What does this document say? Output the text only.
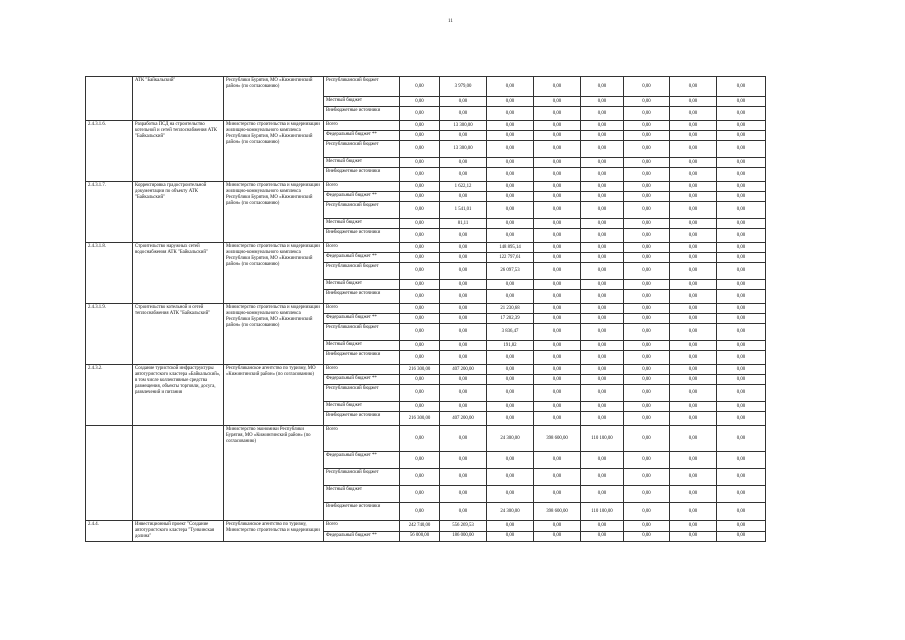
11
	АТК "Байкальский"	Республики Бурятия, МО «Кижингинский район» (по согласованию)	Республиканский бюджет	0,00	3 979,00	0,00	0,00	0,00	0,00	0,00	0,00
			Местный бюджет	0,00	0,00	0,00	0,00	0,00	0,00	0,00	0,00
			Внебюджетные источники	0,00	0,00	0,00	0,00	0,00	0,00	0,00	0,00
2.4.3.1.6.	Разработка ПСД на строительство котельной и сетей теплоснабжения АТК "Байкальский"	Министерство строительства и модернизации жилищно-коммунального комплекса Республики Бурятия, МО «Кижингинский район» (по согласованию)	Всего	0,00	13 300,00	0,00	0,00	0,00	0,00	0,00	0,00
			Федеральный бюджет **	0,00	0,00	0,00	0,00	0,00	0,00	0,00	0,00
			Республиканский бюджет	0,00	13 300,00	0,00	0,00	0,00	0,00	0,00	0,00
			Местный бюджет	0,00	0,00	0,00	0,00	0,00	0,00	0,00	0,00
			Внебюджетные источники	0,00	0,00	0,00	0,00	0,00	0,00	0,00	0,00
2.4.3.1.7.	Корректировка градостроительной документации по объекту АТК "Байкальский"	Министерство строительства и модернизации жилищно-коммунального комплекса Республики Бурятия, МО «Кижингинский район» (по согласованию)	Всего	0,00	1 622,12	0,00	0,00	0,00	0,00	0,00	0,00
			Федеральный бюджет **	0,00	0,00	0,00	0,00	0,00	0,00	0,00	0,00
			Республиканский бюджет	0,00	1 541,01	0,00	0,00	0,00	0,00	0,00	0,00
			Местный бюджет	0,00	81,11	0,00	0,00	0,00	0,00	0,00	0,00
			Внебюджетные источники	0,00	0,00	0,00	0,00	0,00	0,00	0,00	0,00
2.4.3.1.8.	Строительство наружных сетей водоснабжения АТК "Байкальский"	Министерство строительства и модернизации жилищно-коммунального комплекса Республики Бурятия, МО «Кижингинский район» (по согласованию)	Всего	0,00	0,00	148 895,14	0,00	0,00	0,00	0,00	0,00
			Федеральный бюджет **	0,00	0,00	122 797,61	0,00	0,00	0,00	0,00	0,00
			Республиканский бюджет	0,00	0,00	26 097,53	0,00	0,00	0,00	0,00	0,00
			Местный бюджет	0,00	0,00	0,00	0,00	0,00	0,00	0,00	0,00
			Внебюджетные источники	0,00	0,00	0,00	0,00	0,00	0,00	0,00	0,00
2.4.3.1.9.	Строительство котельной и сетей теплоснабжения АТК "Байкальский"	Министерство строительства и модернизации жилищно-коммунального комплекса Республики Бурятия, МО «Кижингинский район» (по согласованию)	Всего	0,00	0,00	21 230,68	0,00	0,00	0,00	0,00	0,00
			Федеральный бюджет **	0,00	0,00	17 202,39	0,00	0,00	0,00	0,00	0,00
			Республиканский бюджет	0,00	0,00	3 836,47	0,00	0,00	0,00	0,00	0,00
			Местный бюджет	0,00	0,00	191,82	0,00	0,00	0,00	0,00	0,00
			Внебюджетные источники	0,00	0,00	0,00	0,00	0,00	0,00	0,00	0,00
2.4.3.2.	Создание туристской инфраструктуры автотуристского кластера «Байкальский», в том числе коллективные средства размещения, объекты торговли, досуга, развлечений и питания	Республиканское агентство по туризму, МО «Кижингинский район» (по согласованию)	Всего	216 300,00	407 200,00	0,00	0,00	0,00	0,00	0,00	0,00
			Федеральный бюджет **	0,00	0,00	0,00	0,00	0,00	0,00	0,00	0,00
			Республиканский бюджет	0,00	0,00	0,00	0,00	0,00	0,00	0,00	0,00
			Местный бюджет	0,00	0,00	0,00	0,00	0,00	0,00	0,00	0,00
			Внебюджетные источники	216 300,00	407 200,00	0,00	0,00	0,00	0,00	0,00	0,00
		Министерство экономики Республики Бурятия, МО «Кижингинский район» (по согласованию)	Всего	0,00	0,00	24 300,00	398 600,00	110 100,00	0,00	0,00	0,00
			Федеральный бюджет **	0,00	0,00	0,00	0,00	0,00	0,00	0,00	0,00
			Республиканский бюджет	0,00	0,00	0,00	0,00	0,00	0,00	0,00	0,00
			Местный бюджет	0,00	0,00	0,00	0,00	0,00	0,00	0,00	0,00
			Внебюджетные источники	0,00	0,00	24 300,00	398 600,00	110 100,00	0,00	0,00	0,00
2.4.4.	Инвестиционный проект "Создание автотуристского кластера "Тункинская долина"	Республиканское агентство по туризму, Министерство строительства и модернизации	Всего	242 740,00	556 269,53	0,00	0,00	0,00	0,00	0,00	0,00
			Федеральный бюджет **	56 000,00	186 000,00	0,00	0,00	0,00	0,00	0,00	0,00
